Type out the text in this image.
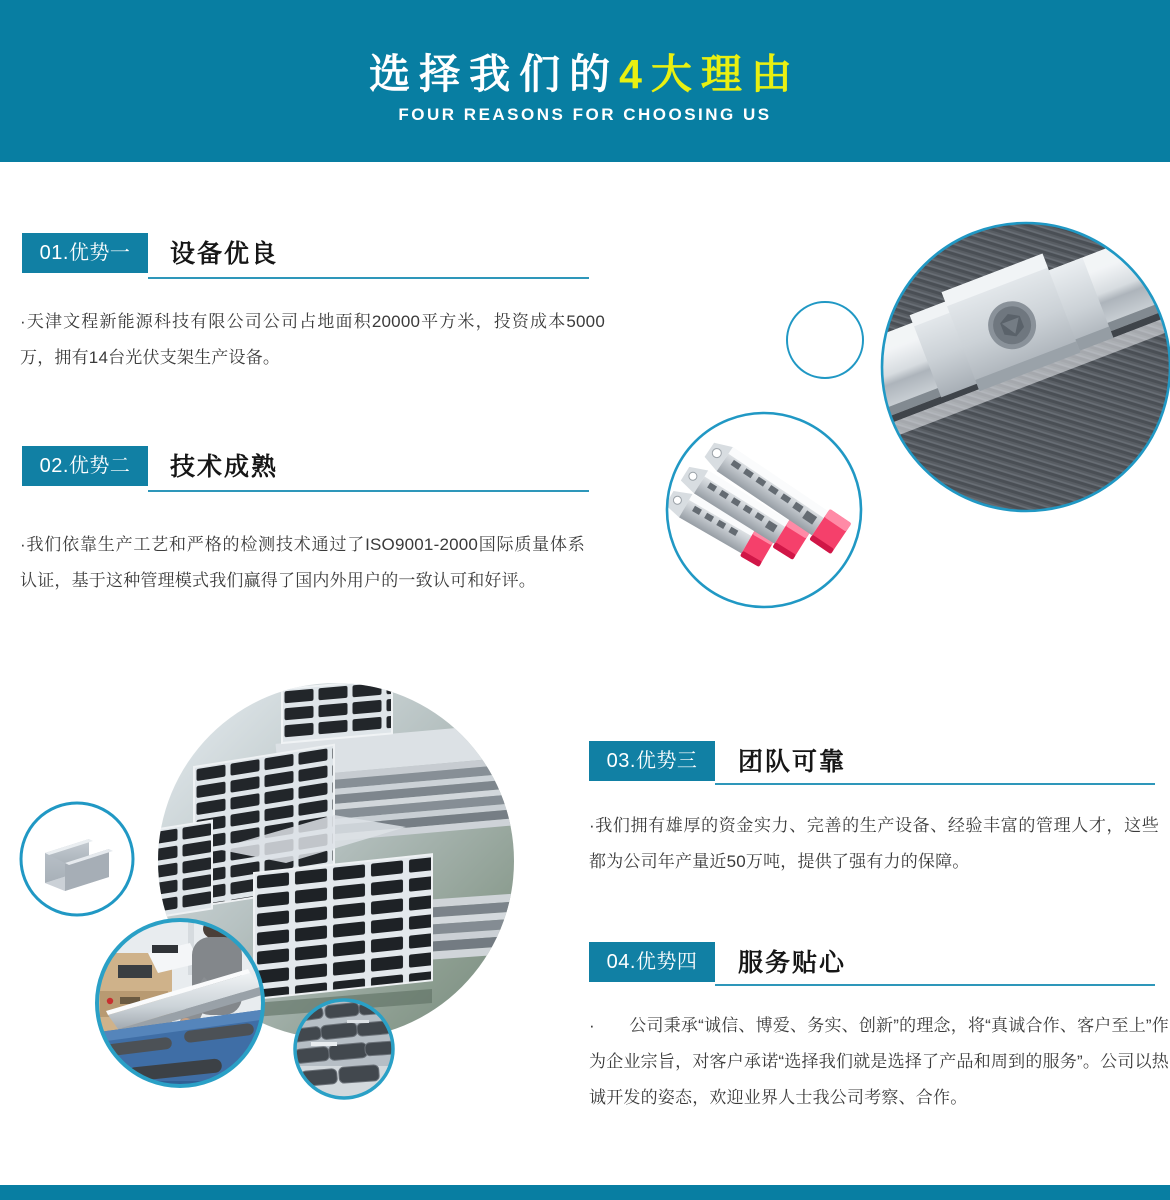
选择我们的4大理由
FOUR REASONS FOR CHOOSING US
01.优势一	设备优良

·天津文程新能源科技有限公司公司占地面积20000平方米，投资成本5000万，拥有14台光伏支架生产设备。

02.优势二	技术成熟

·我们依靠生产工艺和严格的检测技术通过了ISO9001-2000国际质量体系认证，基于这种管理模式我们赢得了国内外用户的一致认可和好评。

03.优势三	团队可靠

·我们拥有雄厚的资金实力、完善的生产设备、经验丰富的管理人才，这些都为公司年产量近50万吨，提供了强有力的保障。

04.优势四	服务贴心

·　　公司秉承“诚信、博爱、务实、创新”的理念，将“真诚合作、客户至上”作为企业宗旨，对客户承诺“选择我们就是选择了产品和周到的服务”。公司以热诚开发的姿态，欢迎业界人士我公司考察、合作。
